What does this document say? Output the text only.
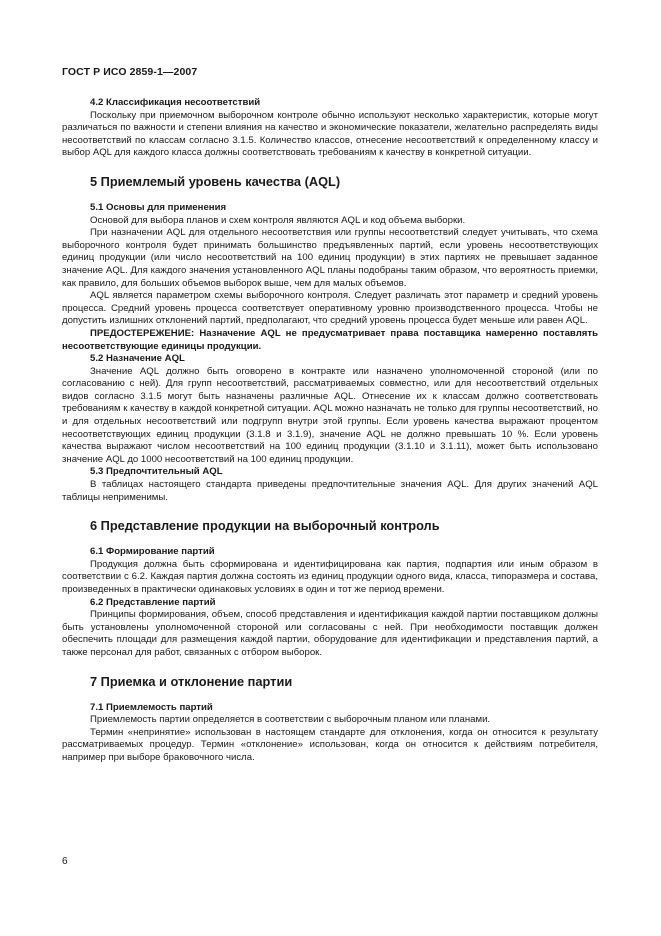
ГОСТ Р ИСО 2859-1—2007
4.2 Классификация несоответствий

Поскольку при приемочном выборочном контроле обычно используют несколько характеристик, которые могут различаться по важности и степени влияния на качество и экономические показатели, желательно распределять виды несоответствий по классам согласно 3.1.5. Количество классов, отнесение несоответствий к определенному классу и выбор AQL для каждого класса должны соответствовать требованиям к качеству в конкретной ситуации.

5 Приемлемый уровень качества (AQL)
5.1 Основы для применения

Основой для выбора планов и схем контроля являются AQL и код объема выборки.

При назначении AQL для отдельного несоответствия или группы несоответствий следует учитывать, что схема выборочного контроля будет принимать большинство предъявленных партий, если уровень несоответствующих единиц продукции (или число несоответствий на 100 единиц продукции) в этих партиях не превышает заданное значение AQL. Для каждого значения установленного AQL планы подобраны таким образом, что вероятность приемки, как правило, для больших объемов выборок выше, чем для малых объемов.

AQL является параметром схемы выборочного контроля. Следует различать этот параметр и средний уровень процесса. Средний уровень процесса соответствует оперативному уровню производственного процесса. Чтобы не допустить излишних отклонений партий, предполагают, что средний уровень процесса будет меньше или равен AQL.

ПРЕДОСТЕРЕЖЕНИЕ: Назначение AQL не предусматривает права поставщика намеренно поставлять несоответствующие единицы продукции.

5.2 Назначение AQL

Значение AQL должно быть оговорено в контракте или назначено уполномоченной стороной (или по согласованию с ней). Для групп несоответствий, рассматриваемых совместно, или для несоответствий отдельных видов согласно 3.1.5 могут быть назначены различные AQL. Отнесение их к классам должно соответствовать требованиям к качеству в каждой конкретной ситуации. AQL можно назначать не только для группы несоответствий, но и для отдельных несоответствий или подгрупп внутри этой группы. Если уровень качества выражают процентом несоответствующих единиц продукции (3.1.8 и 3.1.9), значение AQL не должно превышать 10 %. Если уровень качества выражают числом несоответствий на 100 единиц продукции (3.1.10 и 3.1.11), может быть использовано значение AQL до 1000 несоответствий на 100 единиц продукции.

5.3 Предпочтительный AQL

В таблицах настоящего стандарта приведены предпочтительные значения AQL. Для других значений AQL таблицы неприменимы.

6 Представление продукции на выборочный контроль
6.1 Формирование партий

Продукция должна быть сформирована и идентифицирована как партия, подпартия или иным образом в соответствии с 6.2. Каждая партия должна состоять из единиц продукции одного вида, класса, типоразмера и состава, произведенных в практически одинаковых условиях в один и тот же период времени.

6.2 Представление партий

Принципы формирования, объем, способ представления и идентификация каждой партии поставщиком должны быть установлены уполномоченной стороной или согласованы с ней. При необходимости поставщик должен обеспечить площади для размещения каждой партии, оборудование для идентификации и представления партий, а также персонал для работ, связанных с отбором выборок.

7 Приемка и отклонение партии
7.1 Приемлемость партий

Приемлемость партии определяется в соответствии с выборочным планом или планами.

Термин «непринятие» использован в настоящем стандарте для отклонения, когда он относится к результату рассматриваемых процедур. Термин «отклонение» использован, когда он относится к действиям потребителя, например при выборе браковочного числа.

6
